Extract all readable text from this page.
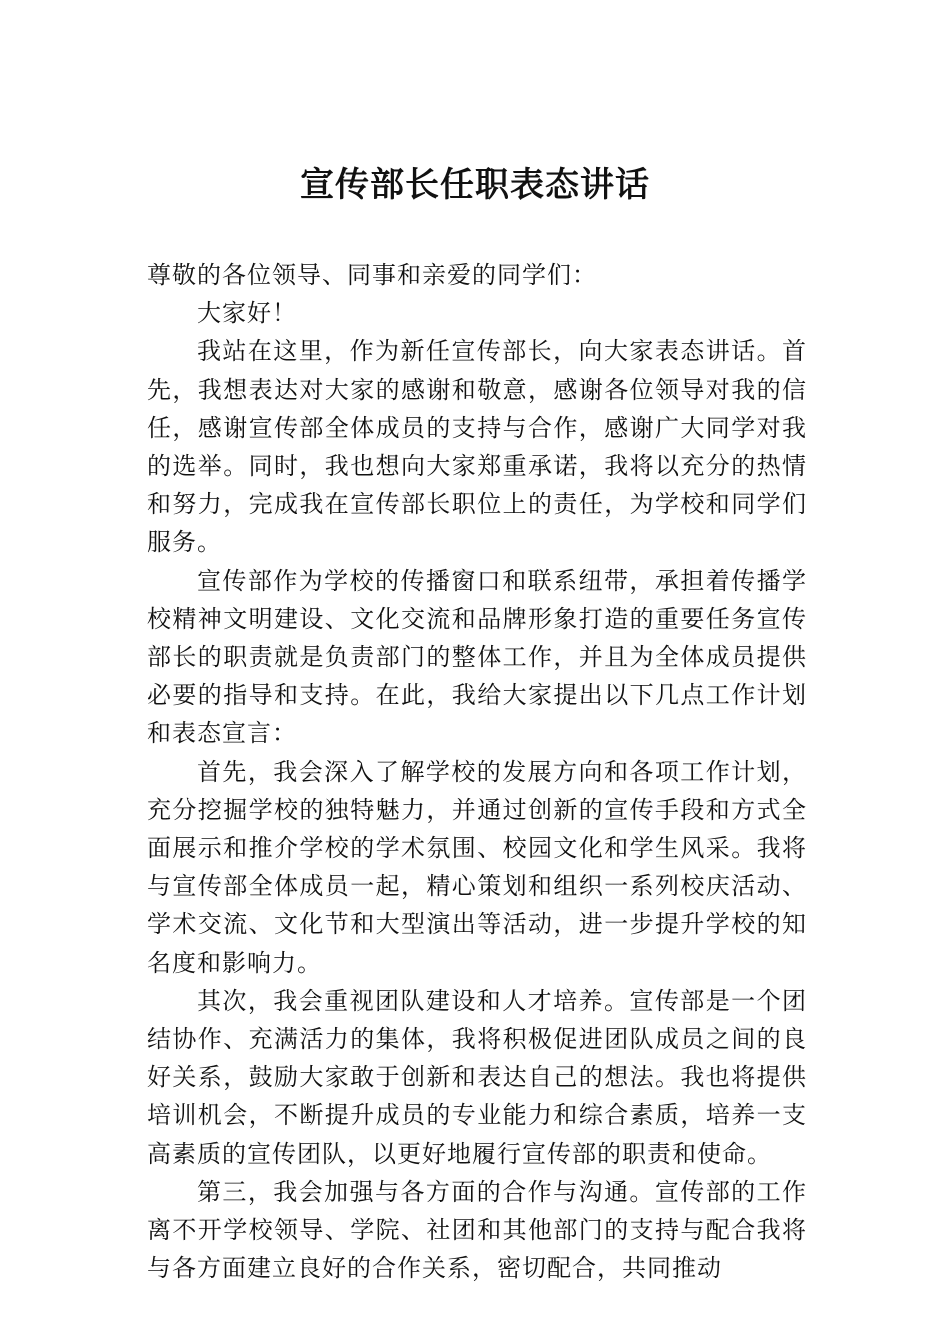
宣传部长任职表态讲话

尊敬的各位领导、同事和亲爱的同学们：

大家好！

我站在这里，作为新任宣传部长，向大家表态讲话。首先，我想表达对大家的感谢和敬意，感谢各位领导对我的信任，感谢宣传部全体成员的支持与合作，感谢广大同学对我的选举。同时，我也想向大家郑重承诺，我将以充分的热情和努力，完成我在宣传部长职位上的责任，为学校和同学们服务。

宣传部作为学校的传播窗口和联系纽带，承担着传播学校精神文明建设、文化交流和品牌形象打造的重要任务宣传部长的职责就是负责部门的整体工作，并且为全体成员提供必要的指导和支持。在此，我给大家提出以下几点工作计划和表态宣言：

首先，我会深入了解学校的发展方向和各项工作计划，充分挖掘学校的独特魅力，并通过创新的宣传手段和方式全面展示和推介学校的学术氛围、校园文化和学生风采。我将与宣传部全体成员一起，精心策划和组织一系列校庆活动、学术交流、文化节和大型演出等活动，进一步提升学校的知名度和影响力。

其次，我会重视团队建设和人才培养。宣传部是一个团结协作、充满活力的集体，我将积极促进团队成员之间的良好关系，鼓励大家敢于创新和表达自己的想法。我也将提供培训机会，不断提升成员的专业能力和综合素质，培养一支高素质的宣传团队，以更好地履行宣传部的职责和使命。

第三，我会加强与各方面的合作与沟通。宣传部的工作离不开学校领导、学院、社团和其他部门的支持与配合我将与各方面建立良好的合作关系，密切配合，共同推动
